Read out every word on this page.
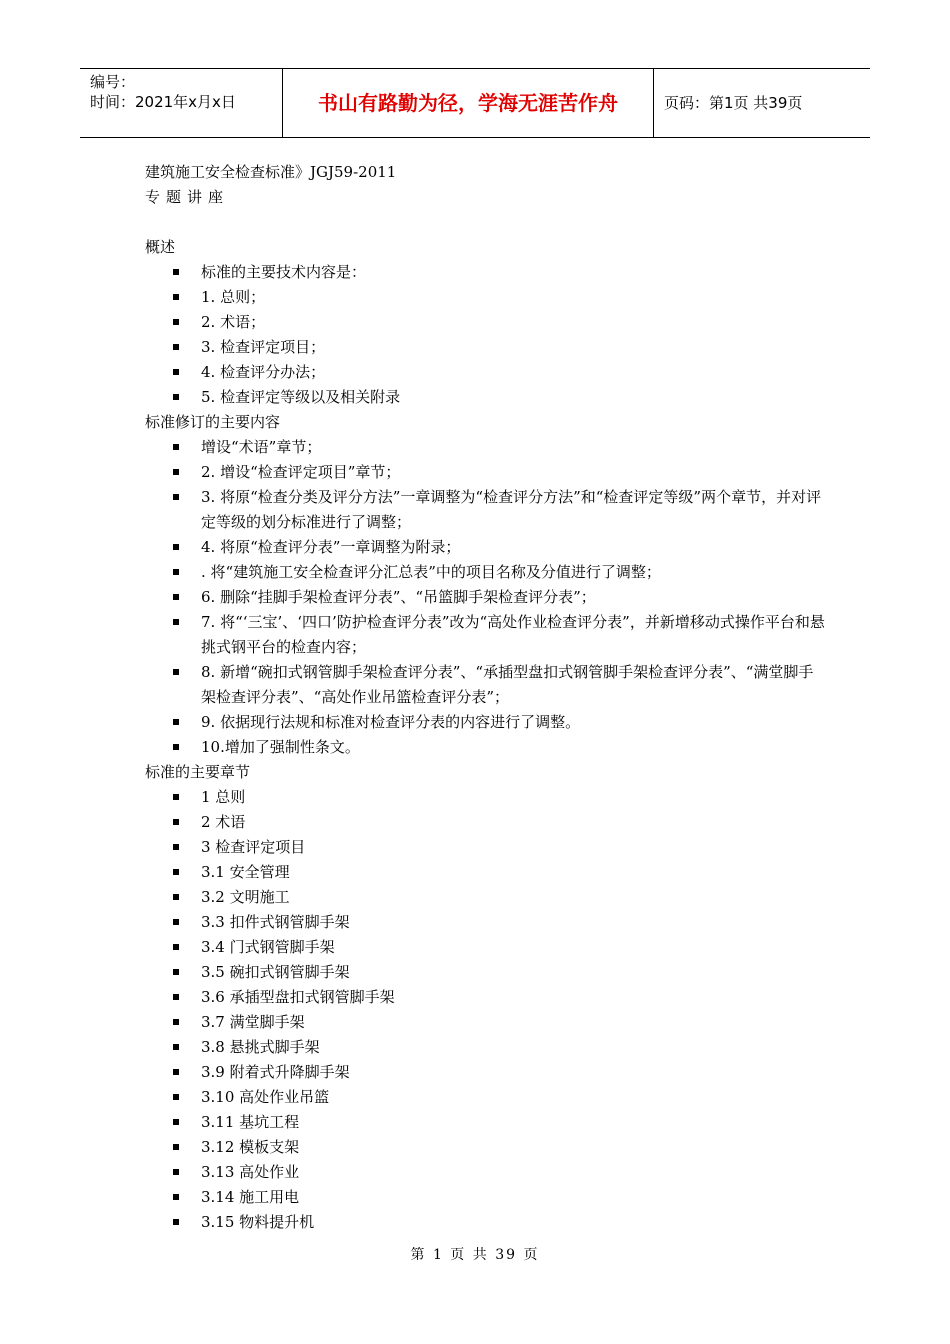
编号：
时间：2021年x月x日	书山有路勤为径，学海无涯苦作舟	页码：第1页 共39页
建筑施工安全检查标准》JGJ59-2011
专题讲座
概述
标准的主要技术内容是：
1. 总则；
2. 术语；
3. 检查评定项目；
4. 检查评分办法；
5. 检查评定等级以及相关附录
标准修订的主要内容
增设“术语”章节；
2. 增设“检查评定项目”章节；
3. 将原“检查分类及评分方法”一章调整为“检查评分方法”和“检查评定等级”两个章节，并对评定等级的划分标准进行了调整；
4. 将原“检查评分表”一章调整为附录；
. 将“建筑施工安全检查评分汇总表”中的项目名称及分值进行了调整；
6. 删除“挂脚手架检查评分表”、“吊篮脚手架检查评分表”；
7. 将“‘三宝’、‘四口’防护检查评分表”改为“高处作业检查评分表”，并新增移动式操作平台和悬挑式钢平台的检查内容；
8. 新增“碗扣式钢管脚手架检查评分表”、“承插型盘扣式钢管脚手架检查评分表”、“满堂脚手架检查评分表”、“高处作业吊篮检查评分表”；
9. 依据现行法规和标准对检查评分表的内容进行了调整。
10.增加了强制性条文。
标准的主要章节
1 总则
2 术语
3 检查评定项目
3.1 安全管理
3.2 文明施工
3.3 扣件式钢管脚手架
3.4 门式钢管脚手架
3.5 碗扣式钢管脚手架
3.6 承插型盘扣式钢管脚手架
3.7 满堂脚手架
3.8 悬挑式脚手架
3.9 附着式升降脚手架
3.10 高处作业吊篮
3.11 基坑工程
3.12 模板支架
3.13 高处作业
3.14 施工用电
3.15 物料提升机
第 1 页 共 39 页
